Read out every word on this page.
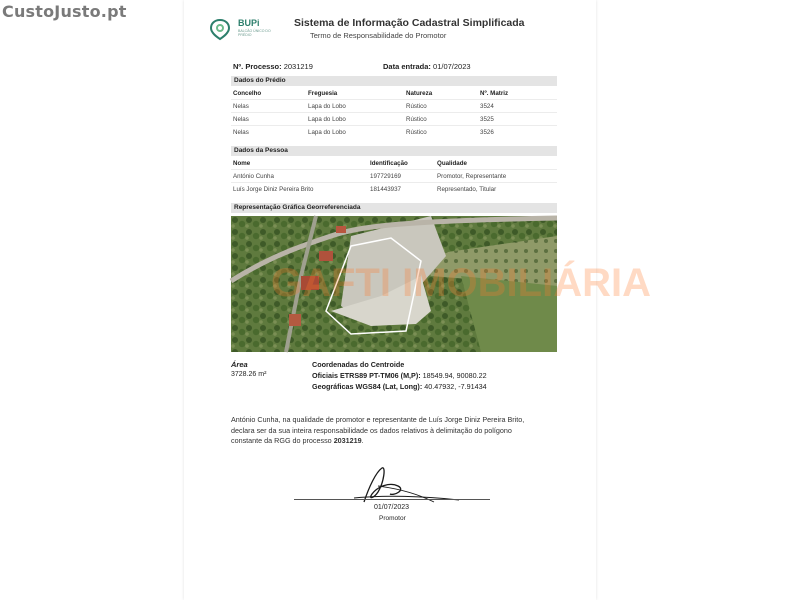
CustoJusto.pt
BUPi
BALCÃO ÚNICO DO PRÉDIO
Sistema de Informação Cadastral Simplificada
Termo de Responsabilidade do Promotor
Nº. Processo: 2031219	Data entrada: 01/07/2023
Dados do Prédio
Concelho	Freguesia	Natureza	Nº. Matriz
Nelas	Lapa do Lobo	Rústico	3524
Nelas	Lapa do Lobo	Rústico	3525
Nelas	Lapa do Lobo	Rústico	3526
Dados da Pessoa
Nome	Identificação	Qualidade
António Cunha	197729169	Promotor, Representante
Luís Jorge Diniz Pereira Brito	181443937	Representado, Titular
Representação Gráfica Georreferenciada
GAFTI IMOBILIÁRIA
Área
3728.26 m²
Coordenadas do Centroide
Oficiais ETRS89 PT-TM06 (M,P): 18549.94, 90080.22
Geográficas WGS84 (Lat, Long): 40.47932, -7.91434
António Cunha, na qualidade de promotor e representante de Luís Jorge Diniz Pereira Brito,
declara ser da sua inteira responsabilidade os dados relativos à delimitação do polígono
constante da RGG do processo 2031219.
01/07/2023
Promotor
